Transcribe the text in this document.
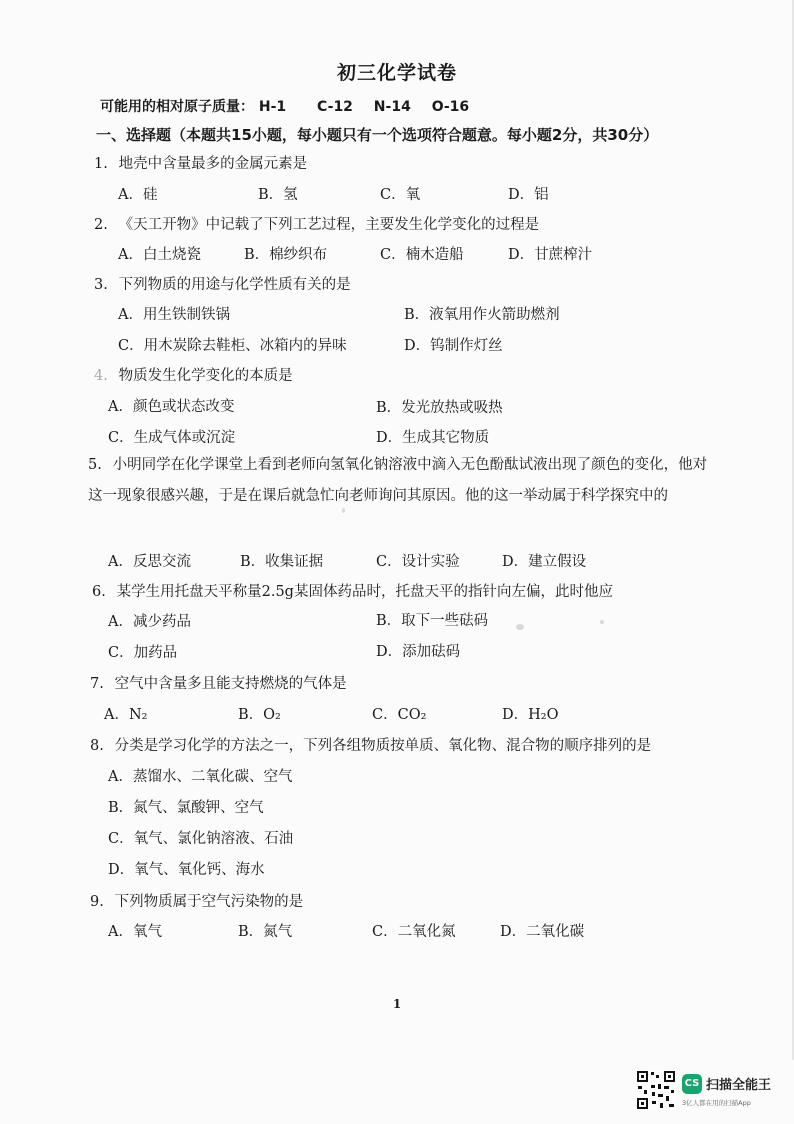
初三化学试卷
可能用的相对原子质量： H-1 C-12 N-14 O-16
一、选择题（本题共15小题，每小题只有一个选项符合题意。每小题2分，共30分）
1. 地壳中含量最多的金属元素是
A．硅	B．氢	C．氧	D．铝
2. 《天工开物》中记载了下列工艺过程，主要发生化学变化的过程是
A．白土烧瓷	B．棉纱织布	C．楠木造船	D．甘蔗榨汁
3. 下列物质的用途与化学性质有关的是
A．用生铁制铁锅	B．液氧用作火箭助燃剂
C．用木炭除去鞋柜、冰箱内的异味	D．钨制作灯丝
4. 物质发生化学变化的本质是
A．颜色或状态改变	B．发光放热或吸热
C．生成气体或沉淀	D．生成其它物质
5. 小明同学在化学课堂上看到老师向氢氧化钠溶液中滴入无色酚酞试液出现了颜色的变化，他对这一现象很感兴趣，于是在课后就急忙向老师询问其原因。他的这一举动属于科学探究中的
A．反思交流	B．收集证据	C．设计实验	D．建立假设
6. 某学生用托盘天平称量2.5g某固体药品时，托盘天平的指针向左偏，此时他应
A．减少药品	B．取下一些砝码
C．加药品	D．添加砝码
7. 空气中含量多且能支持燃烧的气体是
A．N₂	B．O₂	C．CO₂	D．H₂O
8. 分类是学习化学的方法之一，下列各组物质按单质、氧化物、混合物的顺序排列的是
A．蒸馏水、二氧化碳、空气
B．氮气、氯酸钾、空气
C．氧气、氯化钠溶液、石油
D．氧气、氧化钙、海水
9. 下列物质属于空气污染物的是
A．氧气	B．氮气	C．二氧化氮	D．二氧化碳
1
CS 扫描全能王
3亿人都在用的扫描App
